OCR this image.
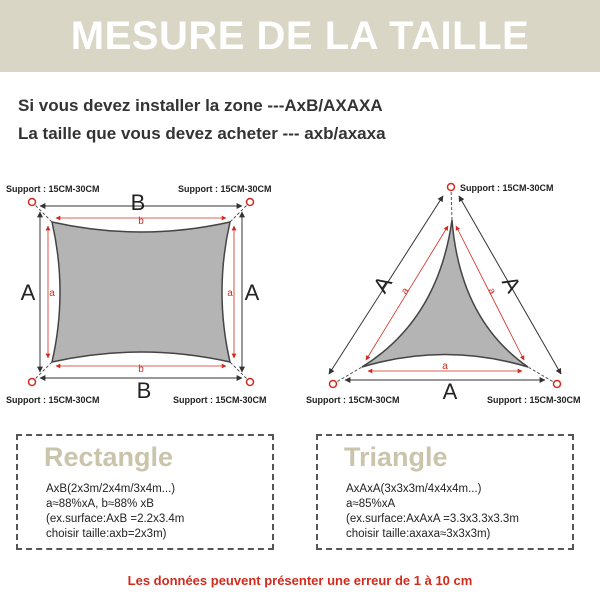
MESURE DE LA TAILLE
Si vous devez installer la zone ---AxB/AXAXA
La taille que vous devez acheter --- axb/axaxa
B
B
A	A
b
b
a	a
Support : 15CM-30CM	Support : 15CM-30CM
Support : 15CM-30CM	Support : 15CM-30CM
A	A
A
a	a
a
Support : 15CM-30CM
Support : 15CM-30CM	Support : 15CM-30CM
Rectangle
AxB(2x3m/2x4m/3x4m...)
a≈88%xA, b≈88% xB
(ex.surface:AxB =2.2x3.4m
choisir taille:axb=2x3m)
Triangle
AxAxA(3x3x3m/4x4x4m...)
a≈85%xA
(ex.surface:AxAxA =3.3x3.3x3.3m
choisir taille:axaxa≈3x3x3m)
Les données peuvent présenter une erreur de 1 à 10 cm
